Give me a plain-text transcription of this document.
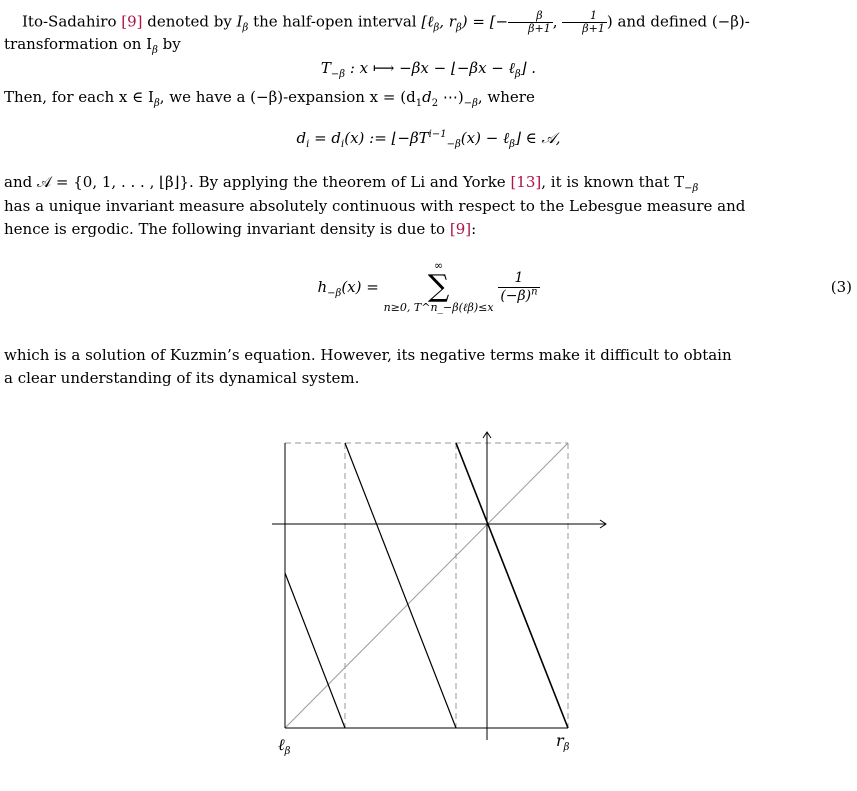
Ito-Sadahiro [9] denoted by $I_\beta$ the half-open interval [ℓ$_\beta$, $r_\beta$) = [− $\frac{\beta}{\beta+1}$ , $\frac{1}{\beta+1}$ ) and defined (−β)-

transformation on $I_\beta$ by

$T_{-\beta}$ : x ⟼ −βx − ⌊−βx − ℓ$_\beta$⌋ .

Then, for each x ∈ $I_\beta$, we have a (−β)-expansion $x = (d_1d_2$ $\cdots)_{-\beta}$, where

$d_i = d_i(x)$ := $⌊-\beta T^{i-1}_{-\beta}(x)$ − ℓ$_\beta$⌋ ∈ 𝒜,

and 𝒜 = {0, 1, . . . , ⌊β⌋}. By applying the theorem of Li and Yorke [13], it is known that $T_{-\beta}$

has a unique invariant measure absolutely continuous with respect to the Lebesgue measure and

hence is ergodic. The following invariant density is due to [9]:

$h_{-\beta}(x)$ =
∞
∑
n≥0, T^n_−β(ℓβ)≤x

$\frac{1}{(-\beta)^n}$	(3)

which is a solution of Kuzmin’s equation. However, its negative terms make it difficult to obtain

a clear understanding of its dynamical system.

ℓ$_\beta$
$r_\beta$
